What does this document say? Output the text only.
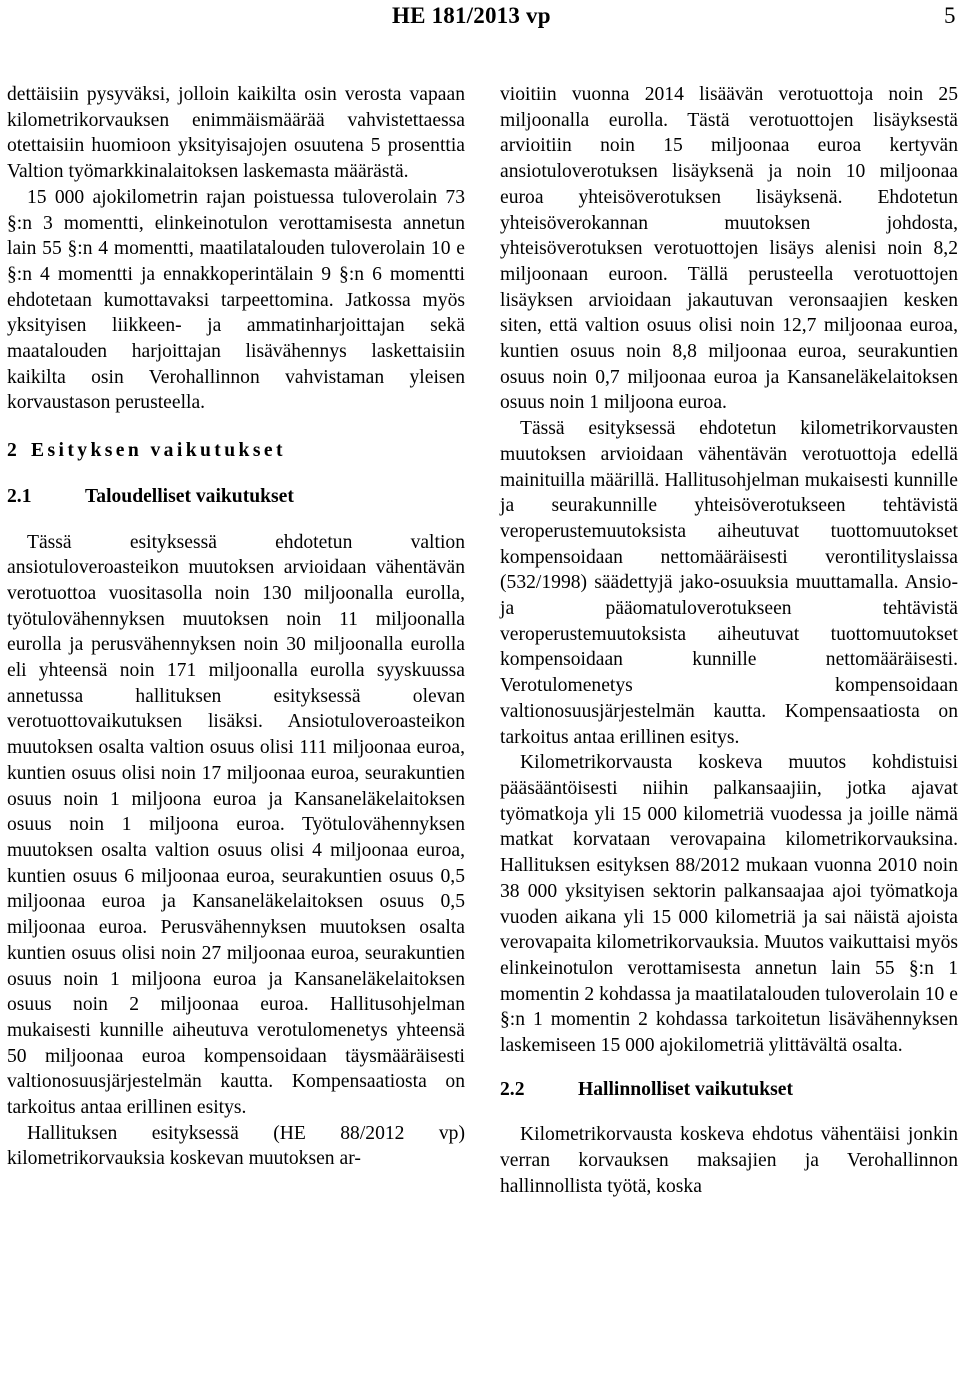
HE 181/2013 vp	5

dettäisiin pysyväksi, jolloin kaikilta osin verosta vapaan kilometrikorvauksen enimmäismäärää vahvistettaessa otettaisiin huomioon yksityisajojen osuutena 5 prosenttia Valtion työmarkkinalaitoksen laskemasta määrästä.

15 000 ajokilometrin rajan poistuessa tuloverolain 73 §:n 3 momentti, elinkeinotulon verottamisesta annetun lain 55 §:n 4 momentti, maatilatalouden tuloverolain 10 e §:n 4 momentti ja ennakkoperintälain 9 §:n 6 momentti ehdotetaan kumottavaksi tarpeettomina. Jatkossa myös yksityisen liikkeen- ja ammatinharjoittajan sekä maatalouden harjoittajan lisävähennys laskettaisiin kaikilta osin Verohallinnon vahvistaman yleisen korvaustason perusteella.

2 Esityksen vaikutukset
2.1	Taloudelliset vaikutukset

Tässä esityksessä ehdotetun valtion ansiotuloveroasteikon muutoksen arvioidaan vähentävän verotuottoa vuositasolla noin 130 miljoonalla eurolla, työtulovähennyksen muutoksen noin 11 miljoonalla eurolla ja perusvähennyksen noin 30 miljoonalla eurolla eli yhteensä noin 171 miljoonalla eurolla syyskuussa annetussa hallituksen esityksessä olevan verotuottovaikutuksen lisäksi. Ansiotuloveroasteikon muutoksen osalta valtion osuus olisi 111 miljoonaa euroa, kuntien osuus olisi noin 17 miljoonaa euroa, seurakuntien osuus noin 1 miljoona euroa ja Kansaneläkelaitoksen osuus noin 1 miljoona euroa. Työtulovähennyksen muutoksen osalta valtion osuus olisi 4 miljoonaa euroa, kuntien osuus 6 miljoonaa euroa, seurakuntien osuus 0,5 miljoonaa euroa ja Kansaneläkelaitoksen osuus 0,5 miljoonaa euroa. Perusvähennyksen muutoksen osalta kuntien osuus olisi noin 27 miljoonaa euroa, seurakuntien osuus noin 1 miljoona euroa ja Kansaneläkelaitoksen osuus noin 2 miljoonaa euroa. Hallitusohjelman mukaisesti kunnille aiheutuva verotulomenetys yhteensä 50 miljoonaa euroa kompensoidaan täysmääräisesti valtionosuusjärjestelmän kautta. Kompensaatiosta on tarkoitus antaa erillinen esitys.

Hallituksen esityksessä (HE 88/2012 vp) kilometrikorvauksia koskevan muutoksen ar-

vioitiin vuonna 2014 lisäävän verotuottoja noin 25 miljoonalla eurolla. Tästä verotuottojen lisäyksestä arvioitiin noin 15 miljoonaa euroa kertyvän ansiotuloverotuksen lisäyksenä ja noin 10 miljoonaa euroa yhteisöverotuksen lisäyksenä. Ehdotetun yhteisöverokannan muutoksen johdosta, yhteisöverotuksen verotuottojen lisäys alenisi noin 8,2 miljoonaan euroon. Tällä perusteella verotuottojen lisäyksen arvioidaan jakautuvan veronsaajien kesken siten, että valtion osuus olisi noin 12,7 miljoonaa euroa, kuntien osuus noin 8,8 miljoonaa euroa, seurakuntien osuus noin 0,7 miljoonaa euroa ja Kansaneläkelaitoksen osuus noin 1 miljoona euroa.

Tässä esityksessä ehdotetun kilometrikorvausten muutoksen arvioidaan vähentävän verotuottoja edellä mainituilla määrillä. Hallitusohjelman mukaisesti kunnille ja seurakunnille yhteisöverotukseen tehtävistä veroperustemuutoksista aiheutuvat tuottomuutokset kompensoidaan nettomääräisesti verontilityslaissa (532/1998) säädettyjä jako-osuuksia muuttamalla. Ansio- ja pääomatuloverotukseen tehtävistä veroperustemuutoksista aiheutuvat tuottomuutokset kompensoidaan kunnille nettomääräisesti. Verotulomenetys kompensoidaan valtionosuusjärjestelmän kautta. Kompensaatiosta on tarkoitus antaa erillinen esitys.

Kilometrikorvausta koskeva muutos kohdistuisi pääsääntöisesti niihin palkansaajiin, jotka ajavat työmatkoja yli 15 000 kilometriä vuodessa ja joille nämä matkat korvataan verovapaina kilometrikorvauksina. Hallituksen esityksen 88/2012 mukaan vuonna 2010 noin 38 000 yksityisen sektorin palkansaajaa ajoi työmatkoja vuoden aikana yli 15 000 kilometriä ja sai näistä ajoista verovapaita kilometrikorvauksia. Muutos vaikuttaisi myös elinkeinotulon verottamisesta annetun lain 55 §:n 1 momentin 2 kohdassa ja maatilatalouden tuloverolain 10 e §:n 1 momentin 2 kohdassa tarkoitetun lisävähennyksen laskemiseen 15 000 ajokilometriä ylittävältä osalta.

2.2	Hallinnolliset vaikutukset

Kilometrikorvausta koskeva ehdotus vähentäisi jonkin verran korvauksen maksajien ja Verohallinnon hallinnollista työtä, koska
